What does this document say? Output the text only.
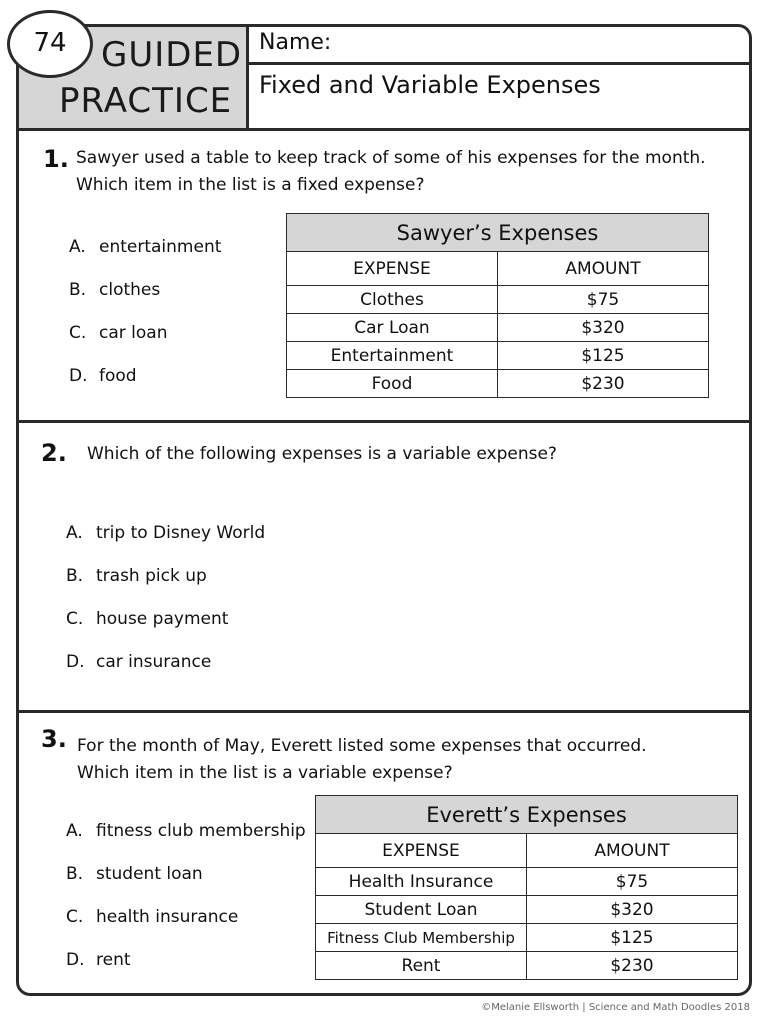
GUIDED
PRACTICE
Name:
Fixed and Variable Expenses
1. Sawyer used a table to keep track of some of his expenses for the month.
Which item in the list is a fixed expense?
A. entertainment
B. clothes
C. car loan
D. food
Sawyer’s Expenses	
EXPENSE	AMOUNT
Clothes	$75
Car Loan	$320
Entertainment	$125
Food	$230
2. Which of the following expenses is a variable expense?
A. trip to Disney World
B. trash pick up
C. house payment
D. car insurance
3. For the month of May, Everett listed some expenses that occurred.
Which item in the list is a variable expense?
A. fitness club membership
B. student loan
C. health insurance
D. rent
Everett’s Expenses	
EXPENSE	AMOUNT
Health Insurance	$75
Student Loan	$320
Fitness Club Membership	$125
Rent	$230
74
©Melanie Ellsworth | Science and Math Doodles 2018
